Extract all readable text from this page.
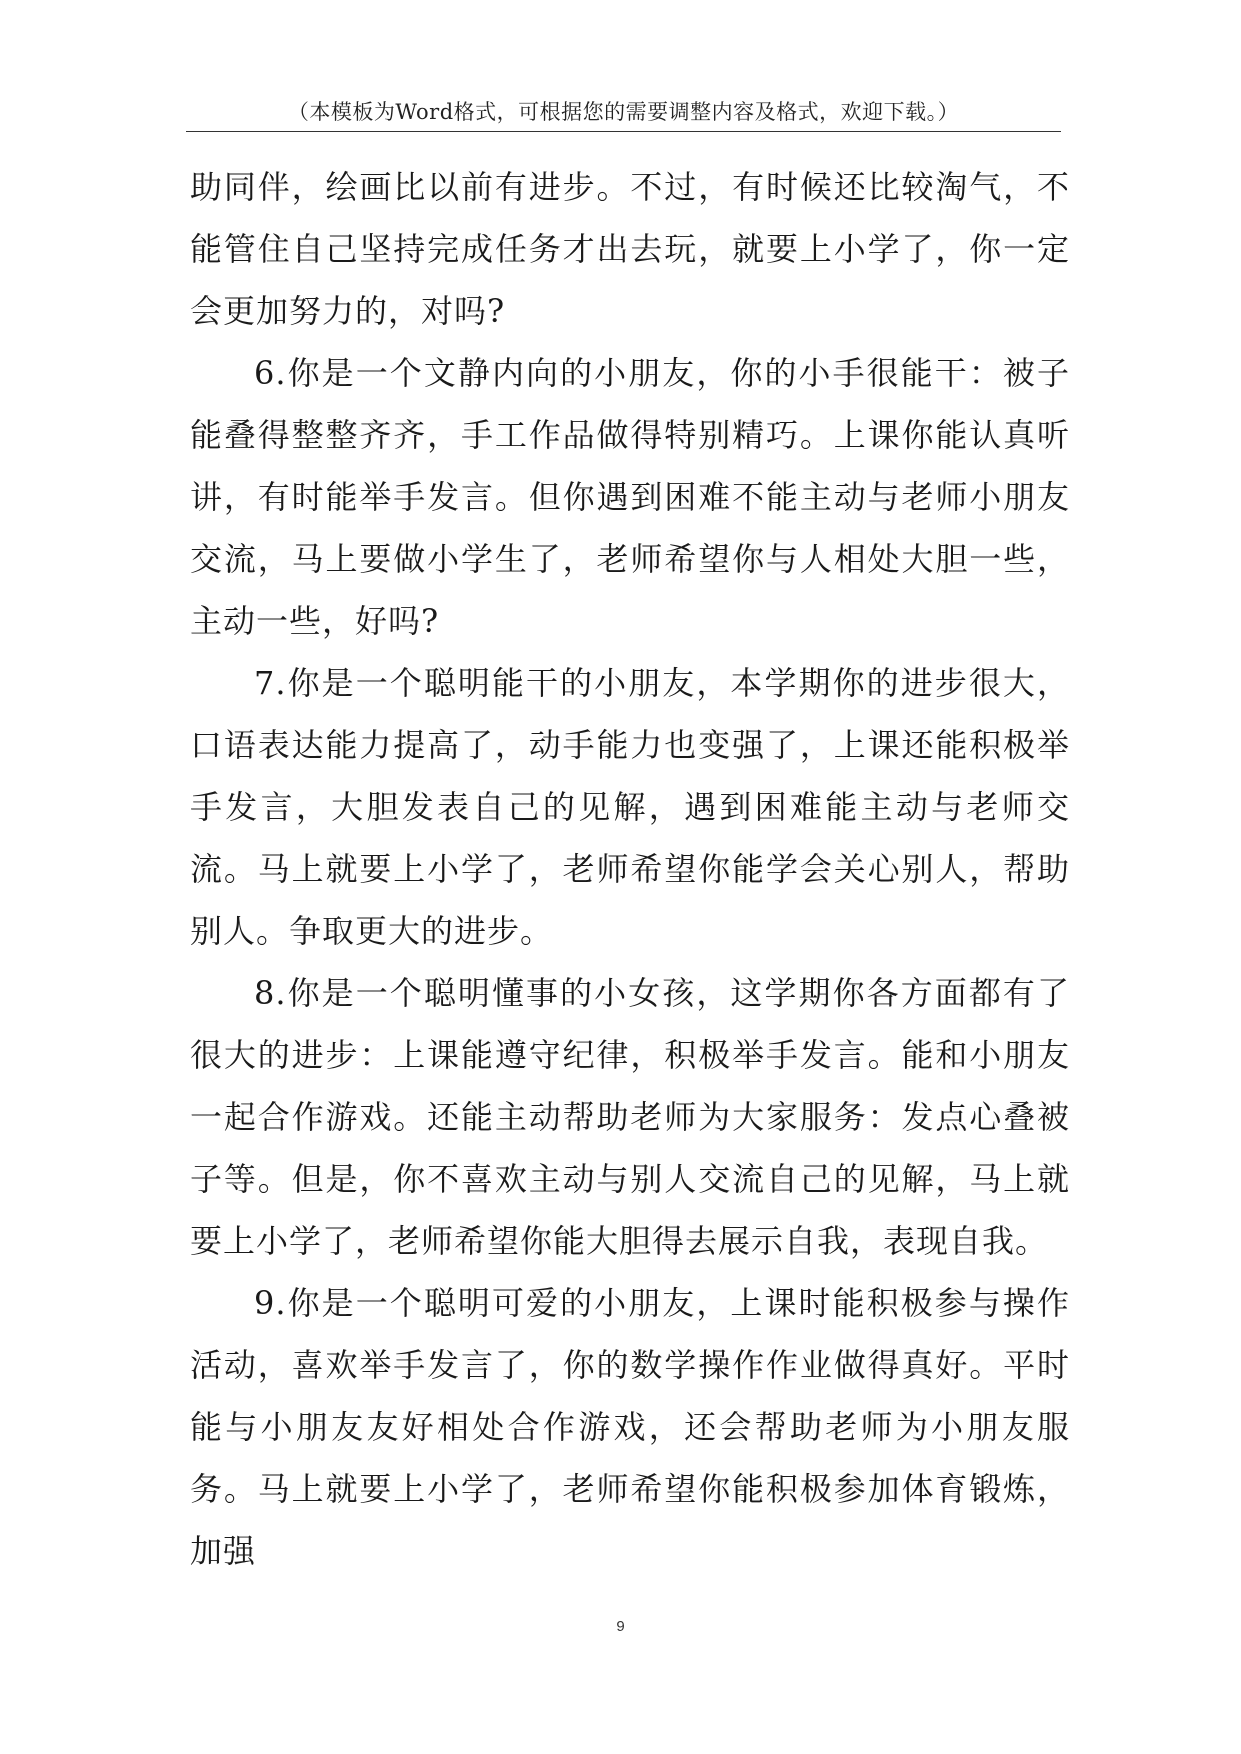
（本模板为Word格式，可根据您的需要调整内容及格式，欢迎下载。）

助同伴，绘画比以前有进步。不过，有时候还比较淘气，不能管住自己坚持完成任务才出去玩，就要上小学了，你一定会更加努力的，对吗?

6.你是一个文静内向的小朋友，你的小手很能干：被子能叠得整整齐齐，手工作品做得特别精巧。上课你能认真听讲，有时能举手发言。但你遇到困难不能主动与老师小朋友交流，马上要做小学生了，老师希望你与人相处大胆一些，主动一些，好吗?

7.你是一个聪明能干的小朋友，本学期你的进步很大，口语表达能力提高了，动手能力也变强了，上课还能积极举手发言，大胆发表自己的见解，遇到困难能主动与老师交流。马上就要上小学了，老师希望你能学会关心别人，帮助别人。争取更大的进步。

8.你是一个聪明懂事的小女孩，这学期你各方面都有了很大的进步：上课能遵守纪律，积极举手发言。能和小朋友一起合作游戏。还能主动帮助老师为大家服务：发点心叠被子等。但是，你不喜欢主动与别人交流自己的见解，马上就要上小学了，老师希望你能大胆得去展示自我，表现自我。

9.你是一个聪明可爱的小朋友，上课时能积极参与操作活动，喜欢举手发言了，你的数学操作作业做得真好。平时能与小朋友友好相处合作游戏，还会帮助老师为小朋友服务。马上就要上小学了，老师希望你能积极参加体育锻炼，加强

9
